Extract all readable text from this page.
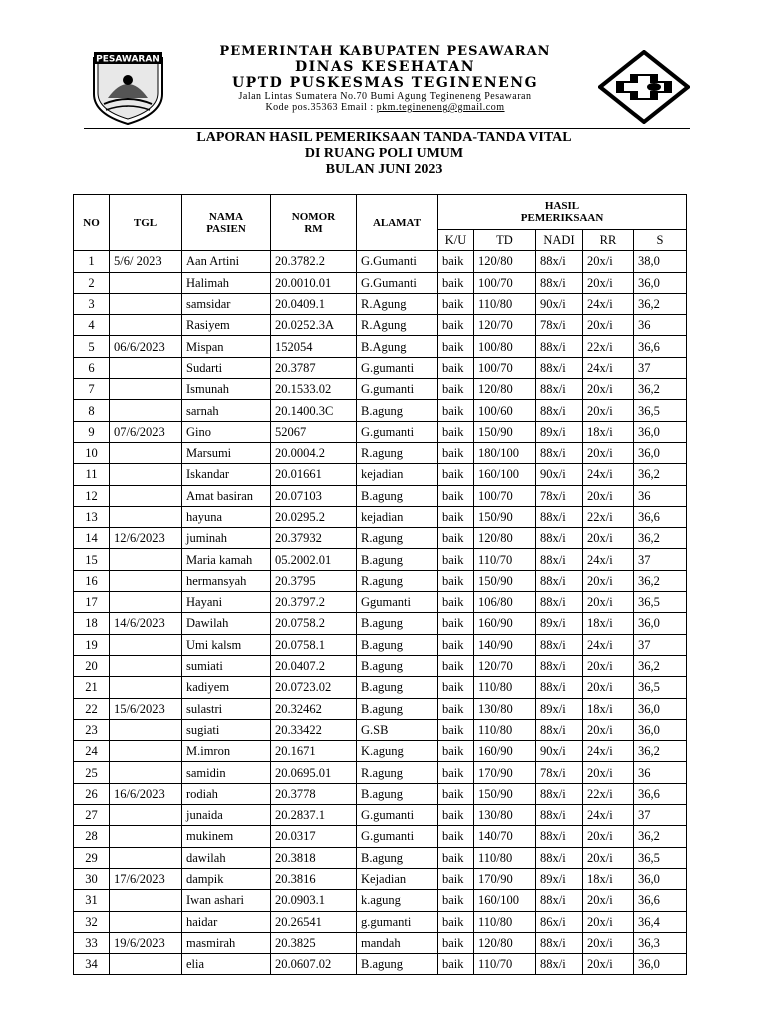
PESAWARAN
PEMERINTAH KABUPATEN PESAWARAN
DINAS KESEHATAN
UPTD PUSKESMAS TEGINENENG
Jalan Lintas Sumatera No.70 Bumi Agung Tegineneng Pesawaran
Kode pos.35363 Email : pkm.tegineneng@gmail.com
LAPORAN HASIL PEMERIKSAAN TANDA-TANDA VITAL
DI RUANG POLI UMUM
BULAN JUNI 2023
NO	TGL	NAMA PASIEN	NOMOR RM	ALAMAT	HASIL PEMERIKSAAN				
					K/U	TD	NADI	RR	S
1	5/6/ 2023	Aan Artini	20.3782.2	G.Gumanti	baik	120/80	88x/i	20x/i	38,0
2		Halimah	20.0010.01	G.Gumanti	baik	100/70	88x/i	20x/i	36,0
3		samsidar	20.0409.1	R.Agung	baik	110/80	90x/i	24x/i	36,2
4		Rasiyem	20.0252.3A	R.Agung	baik	120/70	78x/i	20x/i	36
5	06/6/2023	Mispan	152054	B.Agung	baik	100/80	88x/i	22x/i	36,6
6		Sudarti	20.3787	G.gumanti	baik	100/70	88x/i	24x/i	37
7		Ismunah	20.1533.02	G.gumanti	baik	120/80	88x/i	20x/i	36,2
8		sarnah	20.1400.3C	B.agung	baik	100/60	88x/i	20x/i	36,5
9	07/6/2023	Gino	52067	G.gumanti	baik	150/90	89x/i	18x/i	36,0
10		Marsumi	20.0004.2	R.agung	baik	180/100	88x/i	20x/i	36,0
11		Iskandar	20.01661	kejadian	baik	160/100	90x/i	24x/i	36,2
12		Amat basiran	20.07103	B.agung	baik	100/70	78x/i	20x/i	36
13		hayuna	20.0295.2	kejadian	baik	150/90	88x/i	22x/i	36,6
14	12/6/2023	juminah	20.37932	R.agung	baik	120/80	88x/i	20x/i	36,2
15		Maria kamah	05.2002.01	B.agung	baik	110/70	88x/i	24x/i	37
16		hermansyah	20.3795	R.agung	baik	150/90	88x/i	20x/i	36,2
17		Hayani	20.3797.2	Ggumanti	baik	106/80	88x/i	20x/i	36,5
18	14/6/2023	Dawilah	20.0758.2	B.agung	baik	160/90	89x/i	18x/i	36,0
19		Umi kalsm	20.0758.1	B.agung	baik	140/90	88x/i	24x/i	37
20		sumiati	20.0407.2	B.agung	baik	120/70	88x/i	20x/i	36,2
21		kadiyem	20.0723.02	B.agung	baik	110/80	88x/i	20x/i	36,5
22	15/6/2023	sulastri	20.32462	B.agung	baik	130/80	89x/i	18x/i	36,0
23		sugiati	20.33422	G.SB	baik	110/80	88x/i	20x/i	36,0
24		M.imron	20.1671	K.agung	baik	160/90	90x/i	24x/i	36,2
25		samidin	20.0695.01	R.agung	baik	170/90	78x/i	20x/i	36
26	16/6/2023	rodiah	20.3778	B.agung	baik	150/90	88x/i	22x/i	36,6
27		junaida	20.2837.1	G.gumanti	baik	130/80	88x/i	24x/i	37
28		mukinem	20.0317	G.gumanti	baik	140/70	88x/i	20x/i	36,2
29		dawilah	20.3818	B.agung	baik	110/80	88x/i	20x/i	36,5
30	17/6/2023	dampik	20.3816	Kejadian	baik	170/90	89x/i	18x/i	36,0
31		Iwan ashari	20.0903.1	k.agung	baik	160/100	88x/i	20x/i	36,6
32		haidar	20.26541	g.gumanti	baik	110/80	86x/i	20x/i	36,4
33	19/6/2023	masmirah	20.3825	mandah	baik	120/80	88x/i	20x/i	36,3
34		elia	20.0607.02	B.agung	baik	110/70	88x/i	20x/i	36,0
